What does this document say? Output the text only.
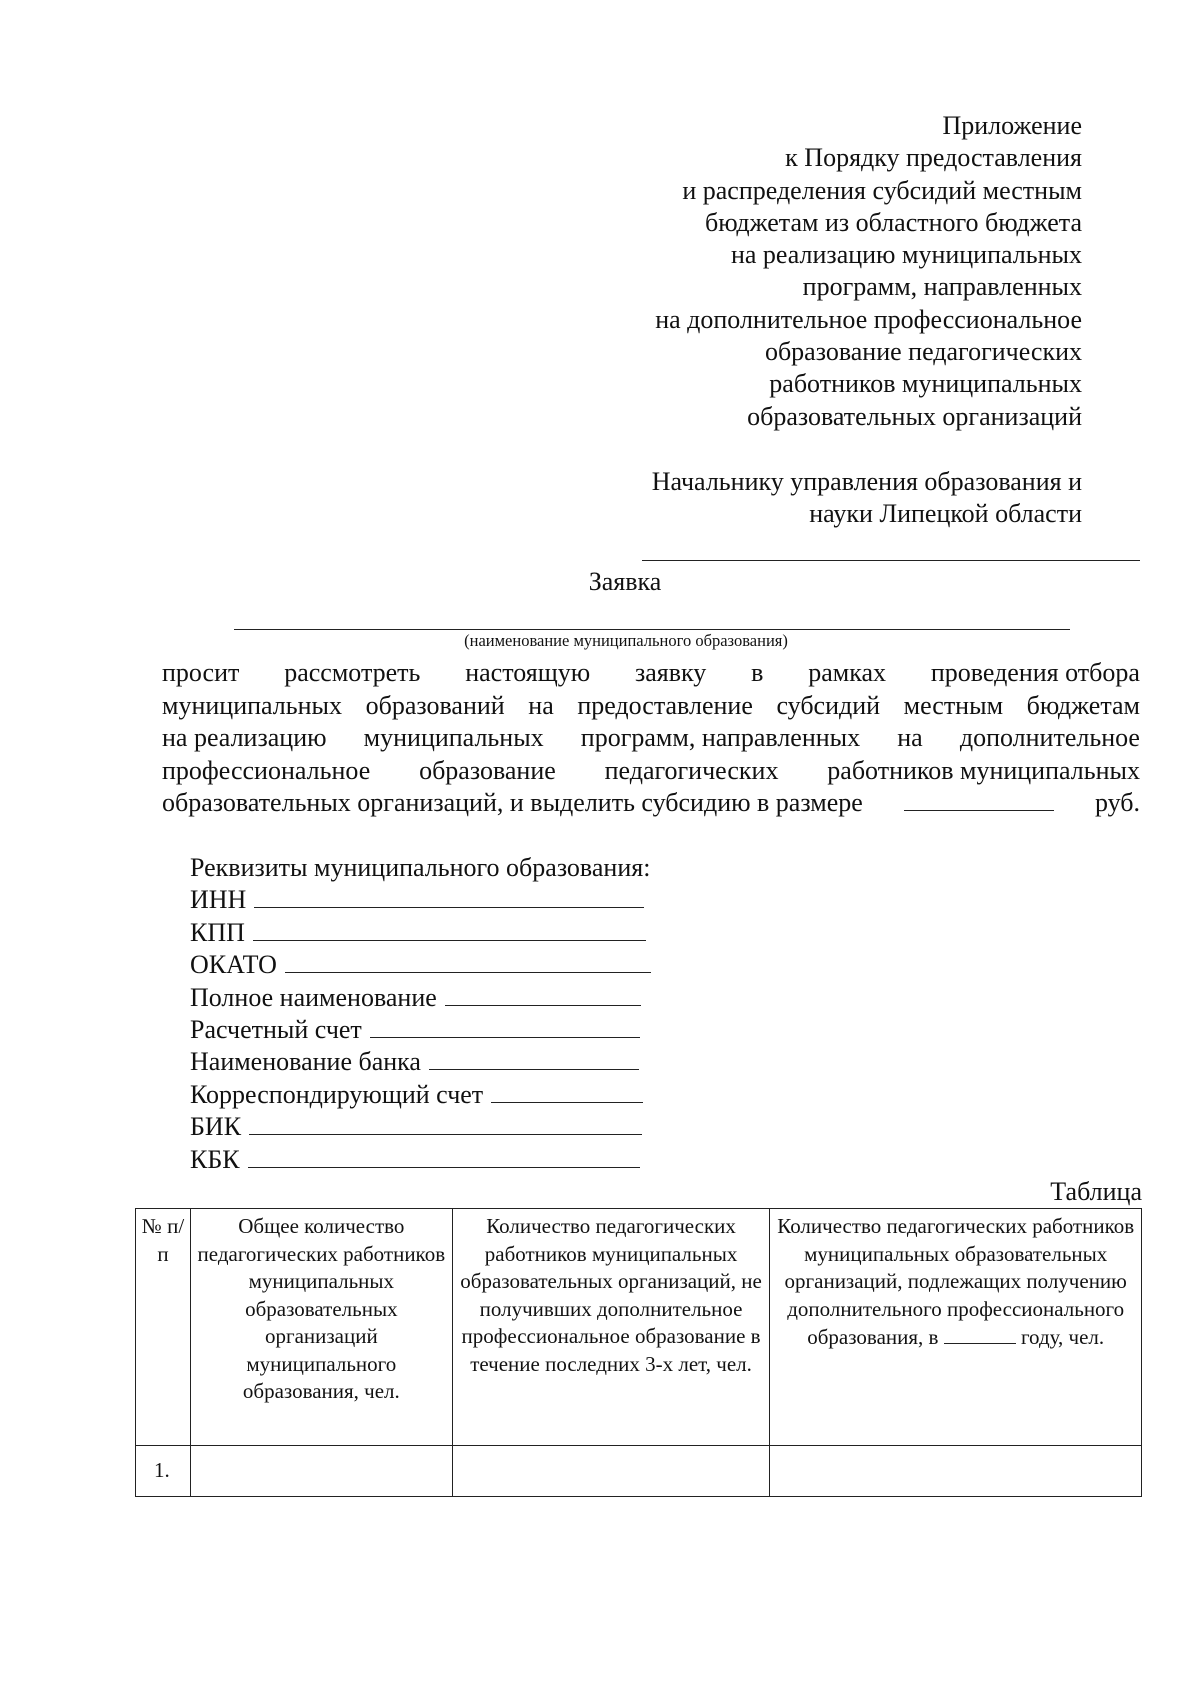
Приложение
к Порядку предоставления
и распределения субсидий местным
бюджетам из областного бюджета
на реализацию муниципальных
программ, направленных
на дополнительное профессиональное
образование педагогических
работников муниципальных
образовательных организаций
Начальнику управления образования и
науки Липецкой области
Заявка
(наименование муниципального образования)
просит рассмотреть настоящую заявку в рамках проведения отбора
муниципальных образований на предоставление субсидий местным бюджетам
на реализацию муниципальных программ, направленных на дополнительное
профессиональное образование педагогических работников муниципальных
образовательных организаций, и выделить субсидию в размере	руб.
Реквизиты муниципального образования:
ИНН
КПП
ОКАТО
Полное наименование
Расчетный счет
Наименование банка
Корреспондирующий счет
БИК
КБК
Таблица
№ п/п	Общее количество педагогических работников муниципальных образовательных организаций муниципального образования, чел.	Количество педагогических работников муниципальных образовательных организаций, не получивших дополнительное профессиональное образование в течение последних 3-х лет, чел.	Количество педагогических работников муниципальных образовательных организаций, подлежащих получению дополнительного профессионального образования, в году, чел.
1.			
